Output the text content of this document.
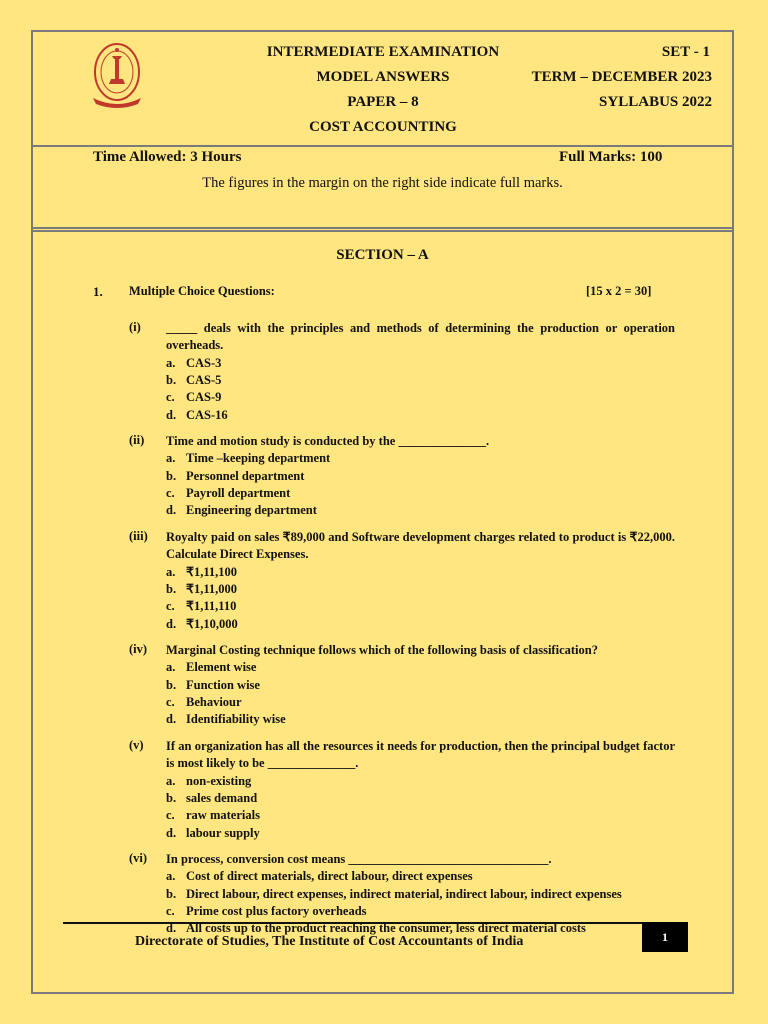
INTERMEDIATE EXAMINATION
MODEL ANSWERS
PAPER – 8
COST ACCOUNTING
SET - 1
TERM – DECEMBER 2023
SYLLABUS 2022
Time Allowed: 3 Hours	Full Marks: 100
The figures in the margin on the right side indicate full marks.
SECTION – A
1. Multiple Choice Questions:	[15 x 2 = 30]
(i) _____ deals with the principles and methods of determining the production or operation overheads.
a. CAS-3
b. CAS-5
c. CAS-9
d. CAS-16
(ii) Time and motion study is conducted by the ______________.
a. Time –keeping department
b. Personnel department
c. Payroll department
d. Engineering department
(iii) Royalty paid on sales ₹89,000 and Software development charges related to product is ₹22,000. Calculate Direct Expenses.
a. ₹1,11,100
b. ₹1,11,000
c. ₹1,11,110
d. ₹1,10,000
(iv) Marginal Costing technique follows which of the following basis of classification?
a. Element wise
b. Function wise
c. Behaviour
d. Identifiability wise
(v) If an organization has all the resources it needs for production, then the principal budget factor is most likely to be ______________.
a. non-existing
b. sales demand
c. raw materials
d. labour supply
(vi) In process, conversion cost means ________________________________.
a. Cost of direct materials, direct labour, direct expenses
b. Direct labour, direct expenses, indirect material, indirect labour, indirect expenses
c. Prime cost plus factory overheads
d. All costs up to the product reaching the consumer, less direct material costs
Directorate of Studies, The Institute of Cost Accountants of India	1
